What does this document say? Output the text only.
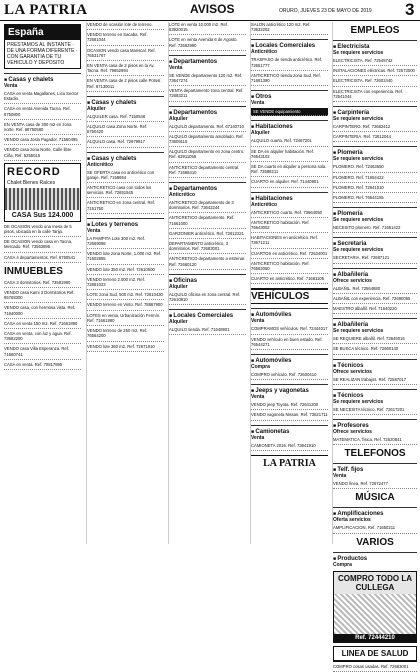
LA PATRIA	AVISOS	ORURO, JUEVES 23 DE MAYO DE 2019 3
España
PRESTAMOS AL INSTANTE · DE UNA FORMA DIFERENTE · CON GARANTIA DE TU VEHICULO Y DEPOSITO
■ Casas y chalets
Venta
CASA en venta Magallanes, Lica Sector Estadio.
CASA en venta Avenida Tacna. Ref. 6750800
EN VENTA casa de 300 m2 en zona norte. Ref. 68750580
VENDO casa Josla Pagador. 71560495
VENDO casa zona Norte, Calle libre Ciña. Ref. 5255015
RECORD
Chalet Bienes Raíces
CASA Sus 124.000
DE OCASION vendo una mesa de 5 pisos, ubicada en la calle Tarija.
DE OCASION vendo casa en Tacna, Mercado. Ref. 73563895
CASA 4 departamentos. Ref. 6760541
INMUEBLES
CASA 3 dormitorios. Ref. 73581990
VENDO casa Kami 3 Dormitorios Ref. 65768300
VENDO casa, con hermosa vista. Ref. 71840000
CASA en venta 150 m2. Ref. 71661890
CASA en venta, con luz y agua. Ref. 73582200
VENDO casa Villa Esperanza. Ref. 71660741
CASA en venta. Ref. 70817895
VENDO de ocasión lote de terreno.
VENDO terreno en Sacaba. Ref. 72681044
OCASION vendo casa Mariscal. Ref. 76531767
EN VENTA casa de 2 pisos en la Av. Tacna. Ref. 79652994
EN VENTA casa de 2 pisos calle Potosí. Ref. 67130011
■ Casas y chalets
Alquiler
ALQUILER casa. Ref. 7150546
ALQUILO casa Zona Norte. Ref. 6750420
ALQUILO casa. Ref. 72679817
■ Casas y chalets
Anticrético
SE OFERTA casa en anticrético con garaje. Ref. 7158654
ANTICRETICO casa con todos los servicios. Ref. 72651545
ANTICRETICO en zona central. Ref. 7151750
■ Lotes y terrenos
Venta
LA PAMPITA Lote 300 m2. Ref. 72669098
VENDO lote zona Norte, 1.000 m2. Ref. 71602855
VENDO lote 350 m2. Ref. 72610500
VENDO terreno 2.000 m2. Ref. 72681023
LOTE zona Sud, 500 m2. Ref. 72610430
VENDO terreno en Vinto. Ref. 78867900
LOTES en venta, Urbanización Fermín. Ref. 71661980
VENDO terreno de 250 m2. Ref. 76564200
VENDO lote 360 m2. Ref. 72671810
LOTE en venta 10.000 m2. Ref. 63920015
LOTE en venta Avenida 6 de Agosto. Ref. 73562990
■ Departamentos
Venta
SE VENDE departamento 120 m2. Ref. 73647274
VENTA departamento zona central. Ref. 72683211
■ Departamentos
Alquiler
ALQUILO departamento. Ref. 67140710
ALQUILO departamento amoblado. Ref. 73609115
ALQUILO departamento en zona centro. Ref. 63911055
ANTICRETICO departamento central. Ref. 71668410
■ Departamentos
Anticrético
ANTICRETICO departamento de 3 dormitorios. Ref. 73642244
ANTICRETICO departamento. Ref. 71661000
GARZONIER anticrético. Ref. 72612221
DEPARTAMENTO anticrético, 3 dormitorios. Ref. 72683001
ANTICRETICO departamento a estrenar. Ref. 72660120
■ Oficinas
Alquiler
ALQUILO oficina en zona central. Ref. 72610810
■ Locales Comerciales
Alquiler
ALQUILO tienda. Ref. 71648901
SALON anticrético 120 m2. Ref. 73632202
■ Locales Comerciales
Anticrético
TRASPASO de tienda anticrético. Ref. 72651777
ANTICRETICO tienda zona Sud. Ref. 71681390
■ Otros
Venta
SE VENDE equipamiento
■ Habitaciones
Alquiler
ALQUILO cuarto. Ref. 72467201
SE DA en alquiler habitación. Ref. 76543102
SE DA cuarto en alquiler a persona sola. Ref. 73588211
CUARTO en alquiler. Ref. 71440901
■ Habitaciones
Anticrético
ANTICRETICO cuarto. Ref. 73664050
ANTICRETICO habitación. Ref. 76543002
HABITACIONES en anticrético. Ref. 73671211
CUARTOS en anticrético. Ref. 72634001
ANTICRETICO habitación. Ref. 76562050
CUARTO en anticrético. Ref. 71661105
VEHÍCULOS
■ Automóviles
Venta
COMPRAMOS vehículos. Ref. 72444017
VENDO vehículo en buen estado. Ref. 76544271
■ Automóviles
Compra
COMPRO vehículo. Ref. 72600410
■ Jeeps y vagonetas
Venta
VENDO jeep Toyota. Ref. 72641200
VENDO vagoneta Nissan. Ref. 73621711
■ Camionetas
Venta
CAMIONETA 2016. Ref. 73641910
LA PATRIA
EMPLEOS
■ Electricista
Se requiere servicios
ELECTRICISTA. Ref. 72545742
INSTALACIONES eléctricas. Ref. 72573000
ELECTRICISTA. Ref. 72602440
ELECTRICISTA con experiencia. Ref. 72541044
■ Carpintería
Se requiere servicios
CARPINTERO. Ref. 72682412
CARPINTERIA. Ref. 73612044
■ Plomería
Se requiere servicios
PLOMERO. Ref. 72463550
PLOMERO. Ref. 71654422
PLOMERO. Ref. 72641010
PLOMERO. Ref. 76544155
■ Plomería
Se requiere servicios
NECESITO plomero. Ref. 71661422
■ Secretaria
Se requiere servicios
SECRETARIA. Ref. 72687121
■ Albañilería
Ofrece servicios
ALBAÑIL. Ref. 72564880
ALBAÑIL con experiencia. Ref. 72690055
MAESTRO albañil. Ref. 71640220
■ Albañilería
Se requiere servicios
SE REQUIERE albañil. Ref. 73646016
SE BUSCA técnico. Ref. 72660140
■ Técnicos
Ofrece servicios
SE REALIZAN trabajos. Ref. 72587017
■ Técnicos
Se requiere servicios
SE NECESITA técnico. Ref. 72617201
■ Profesores
Ofrece servicios
MATEMATICA, física. Ref. 72620841
TELEFONOS
■ Telf. fijos
Venta
VENDO línea. Ref. 72672477
MÚSICA
■ Amplificaciones
Oferta servicios
AMPLIFICACION. Ref. 71650211
VARIOS
■ Productos
Compra
COMPRO TODO LA CULLEGA
Ref. 72444210
LINEA DE SALUD
COMPRO cosas usadas. Ref. 72683001
